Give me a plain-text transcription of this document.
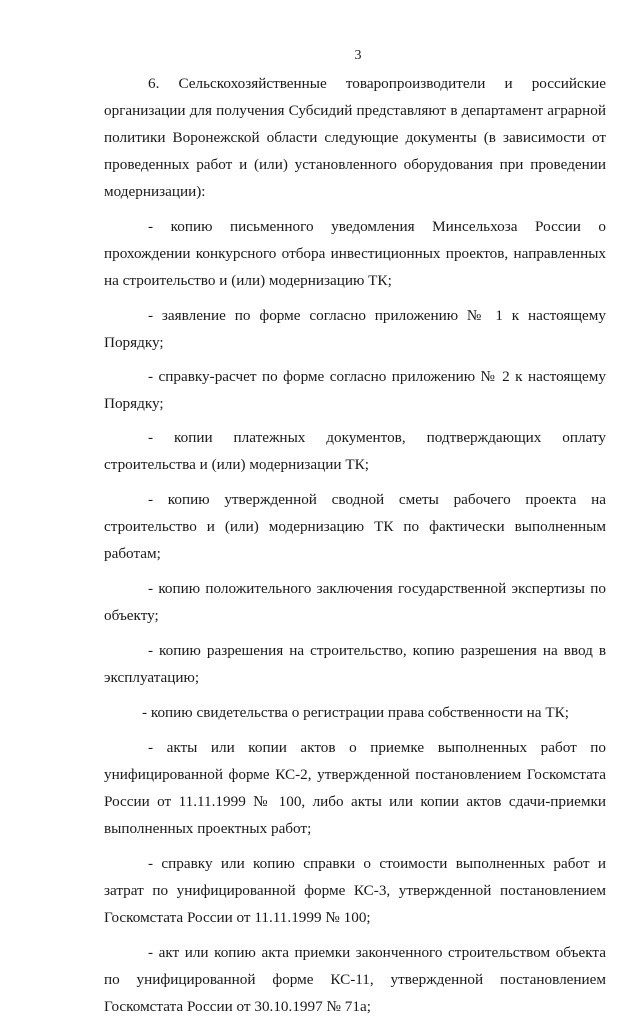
3

6. Сельскохозяйственные товаропроизводители и российские организации для получения Субсидий представляют в департамент аграрной политики Воронежской области следующие документы (в зависимости от проведенных работ и (или) установленного оборудования при проведении модернизации):

- копию письменного уведомления Минсельхоза России о прохождении конкурсного отбора инвестиционных проектов, направленных на строительство и (или) модернизацию ТК;

- заявление по форме согласно приложению № 1 к настоящему Порядку;

- справку-расчет по форме согласно приложению № 2 к настоящему Порядку;

- копии платежных документов, подтверждающих оплату строительства и (или) модернизации ТК;

- копию утвержденной сводной сметы рабочего проекта на строительство и (или) модернизацию ТК по фактически выполненным работам;

- копию положительного заключения государственной экспертизы по объекту;

- копию разрешения на строительство, копию разрешения на ввод в эксплуатацию;

- копию свидетельства о регистрации права собственности на ТК;

- акты или копии актов о приемке выполненных работ по унифицированной форме КС-2, утвержденной постановлением Госкомстата России от 11.11.1999 № 100, либо акты или копии актов сдачи-приемки выполненных проектных работ;

- справку или копию справки о стоимости выполненных работ и затрат по унифицированной форме КС-3, утвержденной постановлением Госкомстата России от 11.11.1999 № 100;

- акт или копию акта приемки законченного строительством объекта по унифицированной форме КС-11, утвержденной постановлением Госкомстата России от 30.10.1997 № 71а;
